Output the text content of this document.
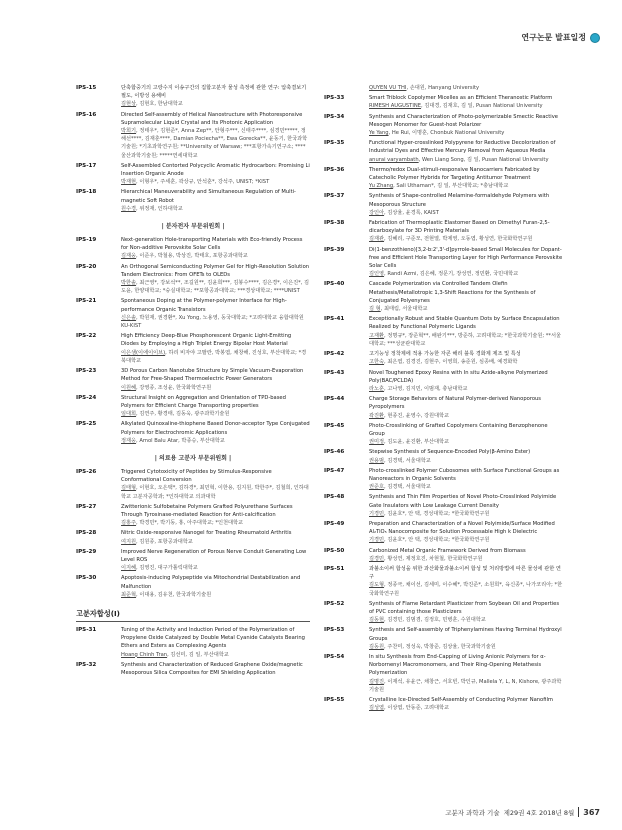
연구논문 발표일정
IPS-15	단축합중기의 고랑수지 이송구간의 집합고분자 물성 측정에 관한 연구: 압축결보기 필도, 이방성 용해비
김현상, 김현호, 한남대학교
IPS-16	Directed Self-assembly of Helical Nanostructure with Photoresponsive Supramolecular Liquid Crystal and Its Photonic Application
박희기, 정태우*, 김현준*, Anna Zep**, 안형주***, 신태주****, 심경민*****, 정해선****, 김재훈****, Damian Pociecha**, Ewa Gorecka**, 윤동기, 한국과학기술원; *기초과학연구원; **University of Warsaw; ***포항가속기연구소; ****울산과학기술원; *****연세대학교
IPS-17	Self-Assembled Contorted Polycyclic Aromatic Hydrocarbon: Promising Li Insertion Organic Anode
박재현, 이형우*, 주세훈, 곽상규, 안석훈*, 강석주, UNIST; *KIST
IPS-18	Hierarchical Maneuverability and Simultaneous Regulation of Multi-magnetic Soft Robot
원수경, 위정재, 인하대학교
| 분자전자 부문위원회 |
IPS-19	Next-generation Hole-transporting Materials with Eco-friendly Process for Non-additive Perovskite Solar Cells
김재웅, 이준우, 박철용, 박상진, 박태호, 포항공과대학교
IPS-20	An Orthogonal Semiconducting Polymer Gel for High-Resolution Solution Tandem Electronics: From OFETs to OLEDs
박한솔, 최근영*, 강보석**, 조길원**, 김윤희***, 김봉수****, 김은경*, 이은진*, 김도윤, 한양대학교; *숭실대학교; **포항공과대학교; ***경상대학교; ****UNIST
IPS-21	Spontaneous Doping at the Polymer-polymer Interface for High-performance Organic Transistors
신은솔, 박원재, 권경환*, Xu Yong, 노용영, 동국대학교; *고려대학교 융합대학원 KU-KIST
IPS-22	High Efficiency Deep-Blue Phosphorescent Organic Light-Emitting Diodes by Employing a High Triplet Energy Bipolar Host Material
이은샘(이에이이브), 하리 비자야 고팔란, 박봉엽, 채창해, 진성호, 부산대학교; *경북대학교
IPS-23	3D Porous Carbon Nanotube Structure by Simple Vacuum-Evaporation Method for Free-Shaped Thermoelectric Power Generators
이원혜, 강영종, 조성윤, 한국화학연구원
IPS-24	Structural Insight on Aggregation and Orientation of TPD-based Polymers for Efficient Charge Transporting properties
임대희, 김연주, 황경태, 김동욱, 광주과학기술원
IPS-25	Alkylated Quinoxaline-thiophene Based Donor-acceptor Type Conjugated Polymers for Electrochromic Applications
정재웅, Amol Balu Atar, 박종승, 부산대학교
| 의료용 고분자 부문위원회 |
IPS-26	Triggered Cytotoxicity of Peptides by Stimulus-Responsive Conformational Conversion
김태형, 이현호, 오은택*, 김하경*, 최민혁, 이한용, 김지원, 박한주*, 김철희, 인하대학교 고분자공학과; *인하대학교 의과대학
IPS-27	Zwitterionic Sulfobetaine Polymers Grafted Polyurethane Surfaces Through Tyrosinase-mediated Reaction for Anti-calcification
김홍주, 박경민*, 박기동, 홍, 아주대학교; *인천대학교
IPS-28	Nitric Oxide-responsive Nanogel for Treating Rheumatoid Arthritis
여지원, 김원종, 포항공과대학교
IPS-29	Improved Nerve Regeneration of Porous Nerve Conduit Generating Low Level ROS
이지혜, 김영진, 대구가톨릭대학교
IPS-30	Apoptosis-inducing Polypeptide via Mitochondrial Destabilization and Malfunction
최준혁, 이대용, 김유천, 한국과학기술원
고분자합성(I)
IPS-31	Tuning of the Activity and Induction Period of the Polymerization of Propylene Oxide Catalyzed by Double Metal Cyanide Catalysts Bearing Ethers and Esters as Complexing Agents
Hoang Chinh Tran, 김선미, 김 일, 부산대학교
IPS-32	Synthesis and Characterization of Reduced Graphene Oxide/magnetic Mesoporous Silica Composites for EMI Shielding Application
QUYEN VU THI, 손대원, Hanyang University
IPS-33	Smart Triblock Copolymer Micelles as an Efficient Theranostic Platform
RIMESH AUGUSTINE, 김대경, 김재호, 김 일, Pusan National University
IPS-34	Synthesis and Characterization of Photo-polymerizable Smectic Reactive Mesogen Monomer for Guest-host Polarizer
Ye Yang, He Rui, 이명훈, Chonbuk National University
IPS-35	Functional Hyper-crosslinked Polypyrene for Reductive Decolorization of Industrial Dyes and Effective Mercury Removal from Aqueous Media
anurai varyambath, Wen Liang Song, 김 일, Pusan National University
IPS-36	Thermo/redox Dual-stimuli-responsive Nanocarriers Fabricated by Catecholic Polymer Hybrids for Targeting Antitumor Treatment
Yu Zhang, Sali Uthaman*, 김 일, 부산대학교; *충남대학교
IPS-37	Synthesis of Shape-controlled Melamine-formaldehyde Polymers with Mesoporous Structure
강인아, 김상율, 윤경록, KAIST
IPS-38	Fabrication of Thermoplastic Elastomer Based on Dimethyl Furan-2,5-dicarboxylate for 3D Printing Materials
김재관, 김혜리, 구준모, 전현열, 박제영, 오동엽, 황성연, 한국화학연구원
IPS-39	Di(1-benzothieno)[3,2-b:2',3'-d]pyrrole-based Small Molecules for Dopant-free and Efficient Hole Transporting Layer for High Performance Perovskite Solar Cells
김인영, Randi Azmi, 김은혜, 정문기, 장성연, 정민환, 국민대학교
IPS-40	Cascade Polymerization via Controlled Tandem Olefin Metathesis/Metallotropic 1,3-Shift Reactions for the Synthesis of Conjugated Polyenynes
김 형, 최태림, 서울대학교
IPS-41	Exceptionally Robust and Stable Quantum Dots by Surface Encapsulation Realized by Functional Polymeric Ligands
고재환, 정명규*, 장준혁**, 배완기***, 방준하, 고려대학교; *한국과학기술원; **서울대학교; ***성균관대학교
IPS-42	고기능성 정착제에 적용 가능한 자콘 해리 블록 경화제 제조 및 특성
고한숙, 최은엽, 김경진, 김현주, 이영희, 송준원, 심종배, 예경화학
IPS-43	Novel Toughened Epoxy Resins with In situ Azide-alkyne Polymerized Poly(BAC/PCLDA)
라노훈, 고나영, 김지민, 이범재, 충남대학교
IPS-44	Charge Storage Behaviors of Natural Polymer-derived Nanoporous Pyropolymers
곽진환, 현종진, 윤영수, 강원대학교
IPS-45	Photo-Crosslinking of Grafted Copolymers Containing Benzophenone Group
권미정, 김도윤, 윤진환, 부산대학교
IPS-46	Stepwise Synthesis of Sequence-Encoded Poly(β-Amino Ester)
권용범, 김경택, 서울대학교
IPS-47	Photo-crosslinked Polymer Cubosomes with Surface Functional Groups as Nanoreactors in Organic Solvents
권준호, 김경택, 서울대학교
IPS-48	Synthesis and Thin Film Properties of Novel Photo-Crosslinked Polyimide Gate Insulators with Low Leakage Current Density
기경민, 김윤호*, 안 택, 경성대학교; *한국화학연구원
IPS-49	Preparation and Characterization of a Novel Polyimide/Surface Modified Al₂TiO₅ Nanocomposite for Solution Processable High k Dielectric
기경민, 김윤호*, 안 택, 경성대학교; *한국화학연구원
IPS-50	Carbonized Metal Organic Framework Derived from Biomass
김경민, 황성연, 제정호진, 차현철, 한국화학연구원
IPS-51	과불소이써 합성을 위한 과산화물과불소이써 합성 및 처리방법에 따른 물성에 관한 연구
김도형, 정종극, 채이선, 김세미, 이수혜*, 박진준*, 소원희*, 육신종*, 나가코리아; *한국화학연구원
IPS-52	Synthesis of Flame Retardant Plasticizer from Soybean Oil and Properties of PVC containing those Plasticizers
김동현, 김경민, 김범겸, 김정호, 민병훈, 수원대학교
IPS-53	Synthesis and Self-assembly of Triphenylamines Having Terminal Hydroxyl Groups
김동원, 주찬미, 정성욱, 박창준, 김상율, 한국과학기술원
IPS-54	In situ Synthesis from End-Capping of Living Anionic Polymers for α-Norbornenyl Macromonomers, and Their Ring-Opening Metathesis Polymerization
김명진, 이재석, 유윤근, 채창근, 서호빈, 박인규, Mallela Y, L, N, Kishore, 광주과학기술원
IPS-55	Crystalline Ice-Directed Self-Assembly of Conducting Polymer Nanofilm
김성엽, 이상엽, 안동준, 고려대학교
고분자 과학과 기술 제29권 4호 2018년 8월 367
